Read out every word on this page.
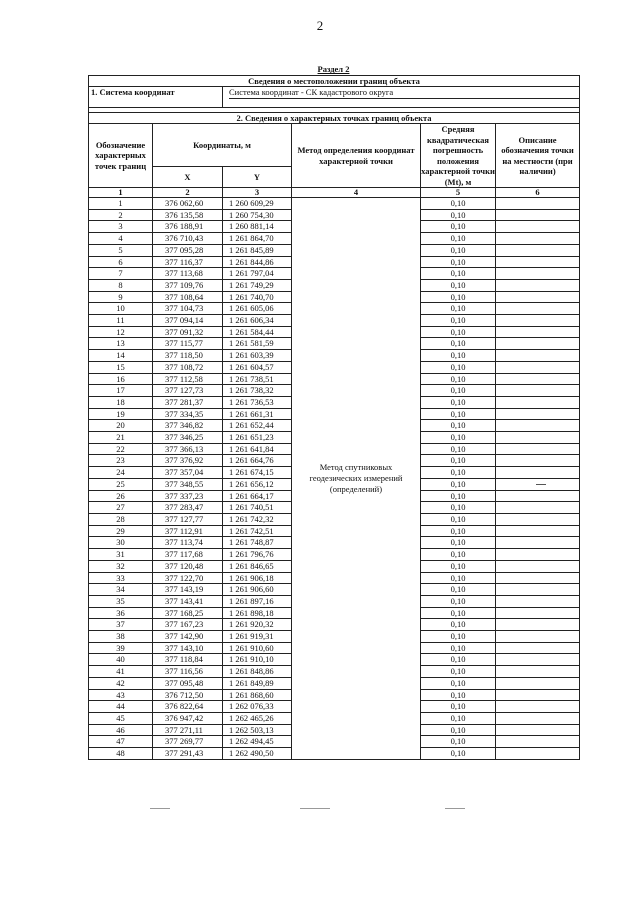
2
Раздел 2
Сведения о местоположении границ объекта					
1. Система координат		Система координат - СК кадастрового округа			

2. Сведения о характерных точках границ объекта					
Обозначение характерных точек границ	Координаты, м		Метод определения координат характерной точки	Средняя квадратическая погрешность положения характерной точки (Mt), м	Описание обозначения точки на местности (при наличии)
	X	Y			
1	2	3	4	5	6
1	376 062,60	1 260 609,29	Метод спутниковых геодезических измерений (определений)	0,10	
2	376 135,58	1 260 754,30		0,10	
3	376 188,91	1 260 881,14		0,10	
4	376 710,43	1 261 864,70		0,10	
5	377 095,28	1 261 845,89		0,10	
6	377 116,37	1 261 844,86		0,10	
7	377 113,68	1 261 797,04		0,10	
8	377 109,76	1 261 749,29		0,10	
9	377 108,64	1 261 740,70		0,10	
10	377 104,73	1 261 605,06		0,10	
11	377 094,14	1 261 606,34		0,10	
12	377 091,32	1 261 584,44		0,10	
13	377 115,77	1 261 581,59		0,10	
14	377 118,50	1 261 603,39		0,10	
15	377 108,72	1 261 604,57		0,10	
16	377 112,58	1 261 738,51		0,10	
17	377 127,73	1 261 738,32		0,10	
18	377 281,37	1 261 736,53		0,10	
19	377 334,35	1 261 661,31		0,10	
20	377 346,82	1 261 652,44		0,10	
21	377 346,25	1 261 651,23		0,10	
22	377 366,13	1 261 641,84		0,10	
23	377 376,92	1 261 664,76		0,10	
24	377 357,04	1 261 674,15		0,10	
25	377 348,55	1 261 656,12		0,10	
26	377 337,23	1 261 664,17		0,10	
27	377 283,47	1 261 740,51		0,10	
28	377 127,77	1 261 742,32		0,10	
29	377 112,91	1 261 742,51		0,10	
30	377 113,74	1 261 748,87		0,10	
31	377 117,68	1 261 796,76		0,10	
32	377 120,48	1 261 846,65		0,10	
33	377 122,70	1 261 906,18		0,10	
34	377 143,19	1 261 906,60		0,10	
35	377 143,41	1 261 897,16		0,10	
36	377 168,25	1 261 898,18		0,10	
37	377 167,23	1 261 920,32		0,10	
38	377 142,90	1 261 919,31		0,10	
39	377 143,10	1 261 910,60		0,10	
40	377 118,84	1 261 910,10		0,10	
41	377 116,56	1 261 848,86		0,10	
42	377 095,48	1 261 849,89		0,10	
43	376 712,50	1 261 868,60		0,10	
44	376 822,64	1 262 076,33		0,10	
45	376 947,42	1 262 465,26		0,10	
46	377 271,11	1 262 503,13		0,10	
47	377 269,77	1 262 494,45		0,10	
48	377 291,43	1 262 490,50		0,10	
